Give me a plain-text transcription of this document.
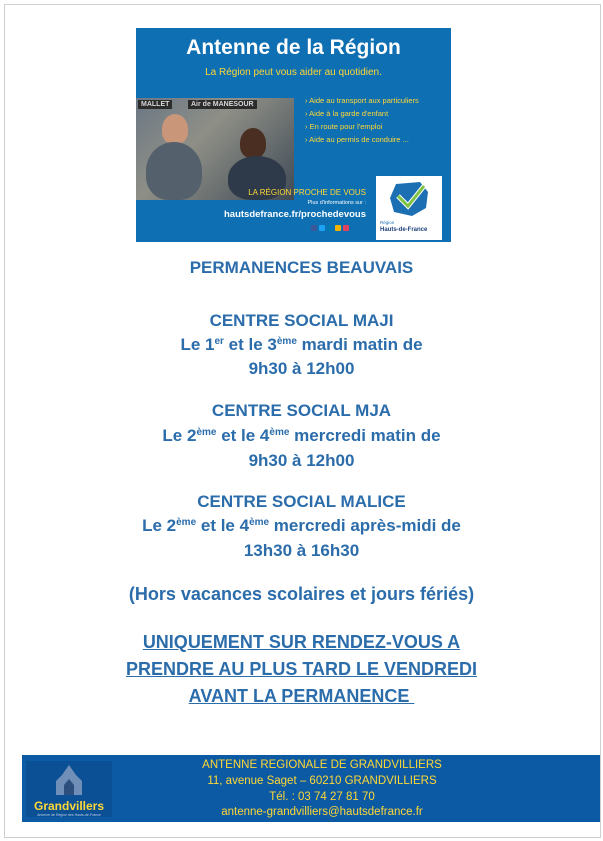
Antenne de la Région
La Région peut vous aider au quotidien.
MALLET	Air de MANESOUR
›	Aide au transport aux particuliers
› Aide à la garde d'enfant
› En route pour l'emploi
› Aide au permis de conduire ...
LA RÉGION PROCHE DE VOUS
Plus d'informations sur :
hautsdefrance.fr/prochedevous
Région
Hauts-de-France
PERMANENCES BEAUVAIS
CENTRE SOCIAL MAJI
Le 1er et le 3ème mardi matin de
9h30 à 12h00
CENTRE SOCIAL MJA
Le 2ème et le 4ème mercredi matin de
9h30 à 12h00
CENTRE SOCIAL MALICE
Le 2ème et le 4ème mercredi après-midi de
13h30 à 16h30
(Hors vacances scolaires et jours fériés)
UNIQUEMENT SUR RENDEZ-VOUS A
PRENDRE AU PLUS TARD LE VENDREDI
AVANT LA PERMANENCE
Grandvillers
Antenne de Région des Hauts-de-France
ANTENNE REGIONALE DE GRANDVILLIERS
11, avenue Saget – 60210 GRANDVILLIERS
Tél. : 03 74 27 81 70
antenne-grandvilliers@hautsdefrance.fr
